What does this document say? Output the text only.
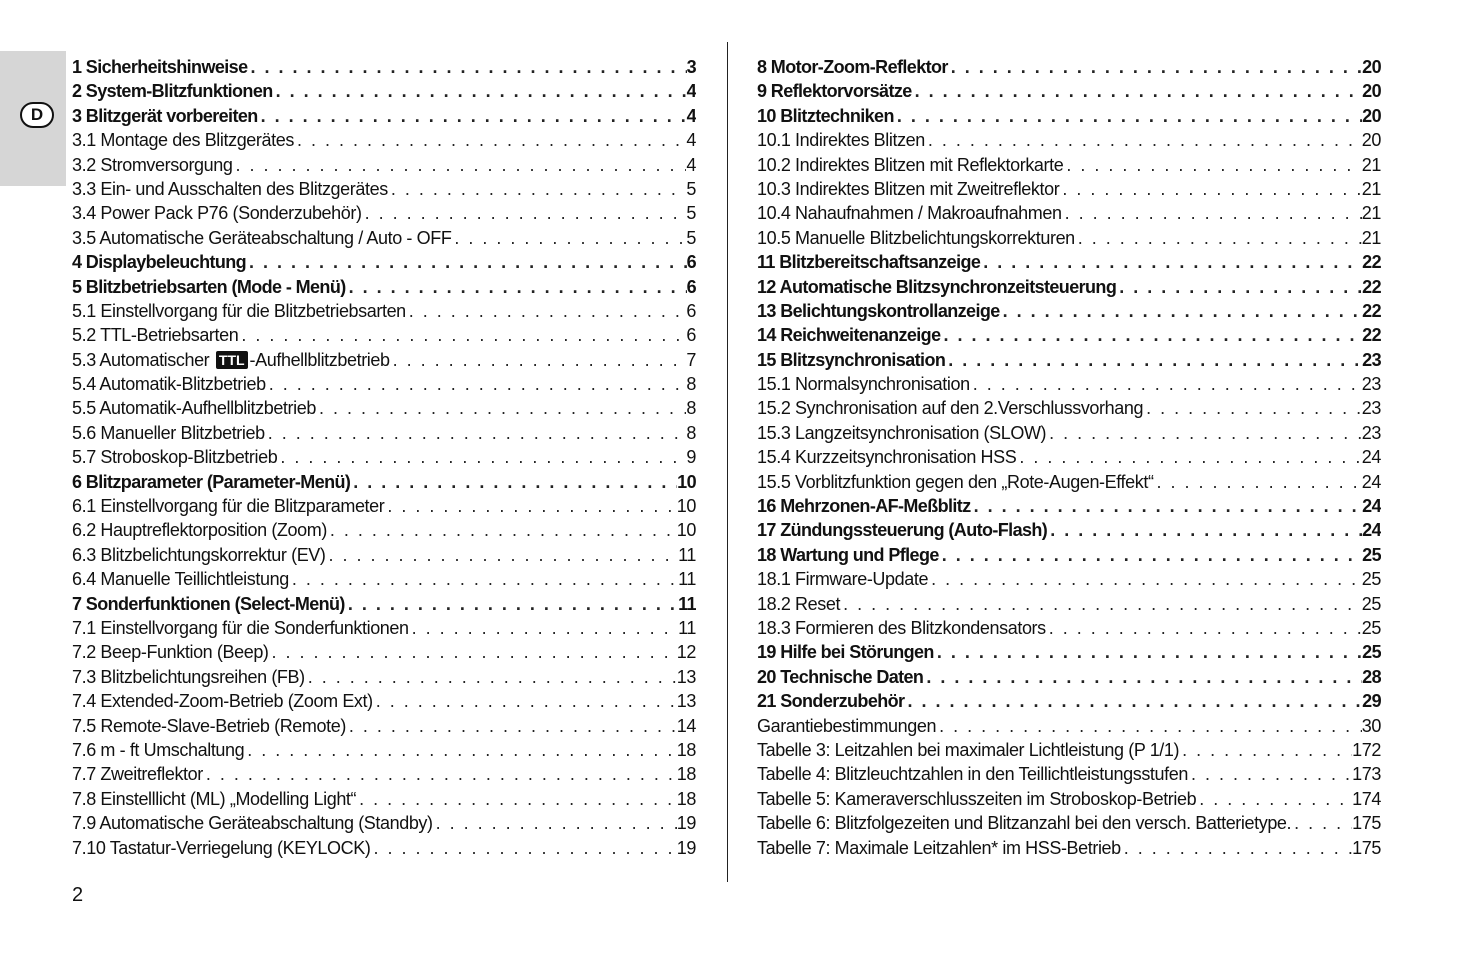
D
1 Sicherheitshinweise . . .	3
2 System-Blitzfunktionen . . .	4
3 Blitzgerät vorbereiten . . .	4
3.1 Montage des Blitzgerätes . . .	4
3.2 Stromversorgung . . .	4
3.3 Ein- und Ausschalten des Blitzgerätes . . .	5
3.4 Power Pack P76 (Sonderzubehör) . . .	5
3.5 Automatische Geräteabschaltung / Auto - OFF . . .	5
4 Displaybeleuchtung . . .	6
5 Blitzbetriebsarten (Mode - Menü) . . .	6
5.1 Einstellvorgang für die Blitzbetriebsarten . . .	6
5.2 TTL-Betriebsarten . . .	6
5.3 Automatischer TTL -Aufhellblitzbetrieb . . .	7
5.4 Automatik-Blitzbetrieb . . .	8
5.5 Automatik-Aufhellblitzbetrieb . . .	8
5.6 Manueller Blitzbetrieb . . .	8
5.7 Stroboskop-Blitzbetrieb . . .	9
6 Blitzparameter (Parameter-Menü) . . .	10
6.1 Einstellvorgang für die Blitzparameter . . .	10
6.2 Hauptreflektorposition (Zoom) . . .	10
6.3 Blitzbelichtungskorrektur (EV) . . .	11
6.4 Manuelle Teillichtleistung . . .	11
7 Sonderfunktionen (Select-Menü) . . .	11
7.1 Einstellvorgang für die Sonderfunktionen . . .	11
7.2 Beep-Funktion (Beep) . . .	12
7.3 Blitzbelichtungsreihen (FB) . . .	13
7.4 Extended-Zoom-Betrieb (Zoom Ext) . . .	13
7.5 Remote-Slave-Betrieb (Remote) . . .	14
7.6 m - ft Umschaltung . . .	18
7.7 Zweitreflektor . . .	18
7.8 Einstelllicht (ML) „Modelling Light“ . . .	18
7.9 Automatische Geräteabschaltung (Standby) . . .	19
7.10 Tastatur-Verriegelung (KEYLOCK) . . .	19
8 Motor-Zoom-Reflektor . . .	20
9 Reflektorvorsätze . . .	20
10 Blitztechniken . . .	20
10.1 Indirektes Blitzen . . .	20
10.2 Indirektes Blitzen mit Reflektorkarte . . .	21
10.3 Indirektes Blitzen mit Zweitreflektor . . .	21
10.4 Nahaufnahmen / Makroaufnahmen . . .	21
10.5 Manuelle Blitzbelichtungskorrekturen . . .	21
11 Blitzbereitschaftsanzeige . . .	22
12 Automatische Blitzsynchronzeitsteuerung . . .	22
13 Belichtungskontrollanzeige . . .	22
14 Reichweitenanzeige . . .	22
15 Blitzsynchronisation . . .	23
15.1 Normalsynchronisation . . .	23
15.2 Synchronisation auf den 2.Verschlussvorhang . . .	23
15.3 Langzeitsynchronisation (SLOW) . . .	23
15.4 Kurzzeitsynchronisation HSS . . .	24
15.5 Vorblitzfunktion gegen den „Rote-Augen-Effekt“ . . .	24
16 Mehrzonen-AF-Meßblitz . . .	24
17 Zündungssteuerung (Auto-Flash) . . .	24
18 Wartung und Pflege . . .	25
18.1 Firmware-Update . . .	25
18.2 Reset . . .	25
18.3 Formieren des Blitzkondensators . . .	25
19 Hilfe bei Störungen . . .	25
20 Technische Daten . . .	28
21 Sonderzubehör . . .	29
Garantiebestimmungen . . .	30
Tabelle 3: Leitzahlen bei maximaler Lichtleistung (P 1/1) . . .	172
Tabelle 4: Blitzleuchtzahlen in den Teillichtleistungsstufen . . .	173
Tabelle 5: Kameraverschlusszeiten im Stroboskop-Betrieb . . .	174
Tabelle 6: Blitzfolgezeiten und Blitzanzahl bei den versch. Batterietype. . . .	175
Tabelle 7: Maximale Leitzahlen* im HSS-Betrieb . . .	175
2
